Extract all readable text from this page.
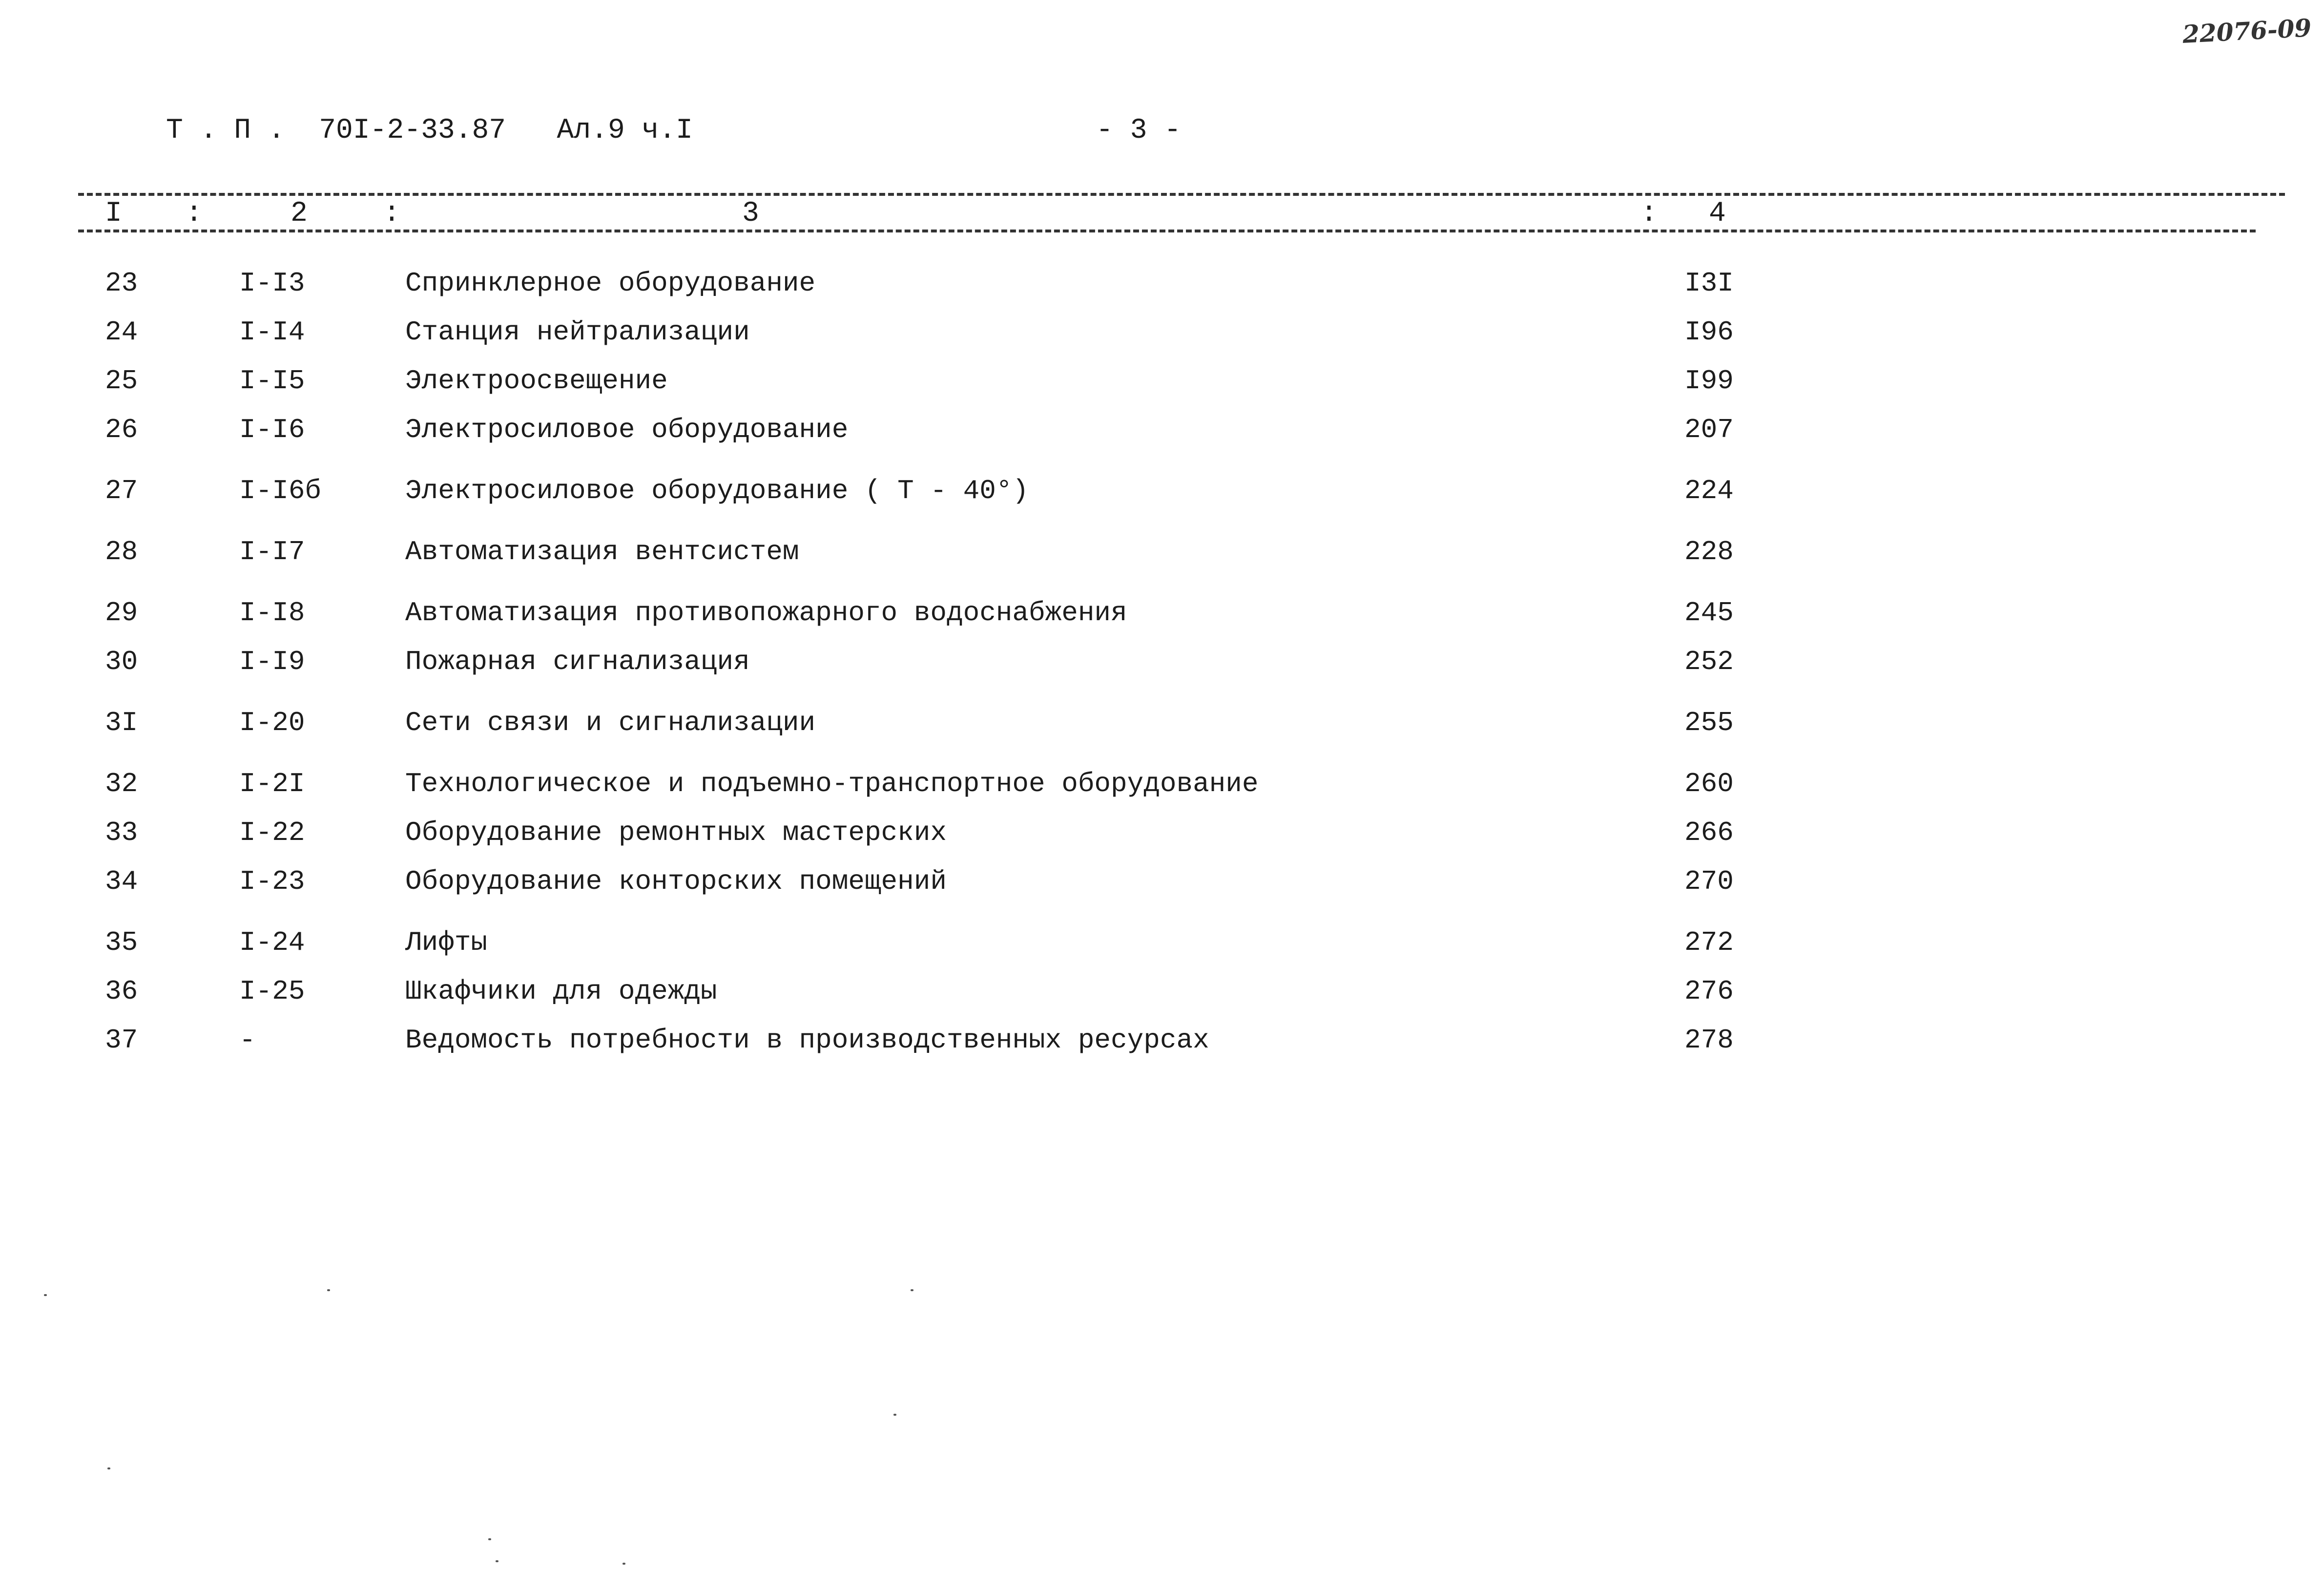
22076-09
Т . П .  70I-2-33.87   Ал.9 ч.I	- 3 -
I :	2	:	3	: 4
23	I-I3	Спринклерное оборудование	I3I
24	I-I4	Станция нейтрализации	I96
25	I-I5	Электроосвещение	I99
26	I-I6	Электросиловое оборудование	207
27	I-I6б	Электросиловое оборудование ( Т - 40°)	224
28	I-I7	Автоматизация вентсистем	228
29	I-I8	Автоматизация противопожарного водоснабжения	245
30	I-I9	Пожарная сигнализация	252
3I	I-20	Сети связи и сигнализации	255
32	I-2I	Технологическое и подъемно-транспортное оборудование	260
33	I-22	Оборудование ремонтных мастерских	266
34	I-23	Оборудование конторских помещений	270
35	I-24	Лифты	272
36	I-25	Шкафчики для одежды	276
37	-	Ведомость потребности в производственных ресурсах	278
